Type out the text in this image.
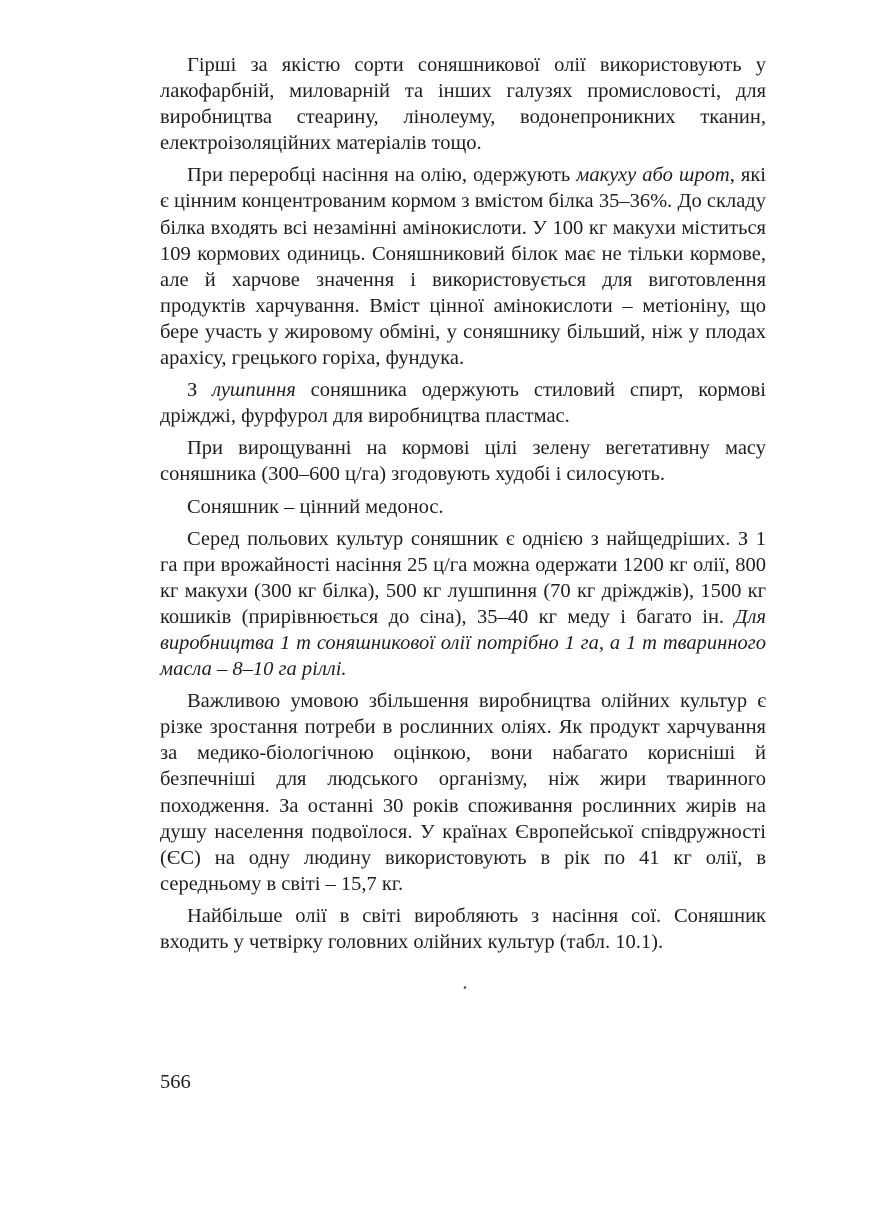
Гірші за якістю сорти соняшникової олії використовують у лакофарбній, миловарній та інших галузях промисловості, для виробництва стеарину, лінолеуму, водонепроникних тканин, електроізоляційних матеріалів тощо.

При переробці насіння на олію, одержують макуху або шрот, які є цінним концентрованим кормом з вмістом білка 35–36%. До складу білка входять всі незамінні амінокислоти. У 100 кг макухи міститься 109 кормових одиниць. Соняшниковий білок має не тільки кормове, але й харчове значення і використовується для виготовлення продуктів харчування. Вміст цінної амінокислоти – метіоніну, що бере участь у жировому обміні, у соняшнику більший, ніж у плодах арахісу, грецького горіха, фундука.

З лушпиння соняшника одержують стиловий спирт, кормові дріжджі, фурфурол для виробництва пластмас.

При вирощуванні на кормові цілі зелену вегетативну масу соняшника (300–600 ц/га) згодовують худобі і силосують.

Соняшник – цінний медонос.

Серед польових культур соняшник є однією з найщедріших. З 1 га при врожайності насіння 25 ц/га можна одержати 1200 кг олії, 800 кг макухи (300 кг білка), 500 кг лушпиння (70 кг дріжджів), 1500 кг кошиків (прирівнюється до сіна), 35–40 кг меду і багато ін. Для виробництва 1 т соняшникової олії потрібно 1 га, а 1 т тваринного масла – 8–10 га ріллі.

Важливою умовою збільшення виробництва олійних культур є різке зростання потреби в рослинних оліях. Як продукт харчування за медико-біологічною оцінкою, вони набагато корисніші й безпечніші для людського організму, ніж жири тваринного походження. За останні 30 років споживання рослинних жирів на душу населення подвоїлося. У країнах Європейської співдружності (ЄС) на одну людину використовують в рік по 41 кг олії, в середньому в світі – 15,7 кг.

Найбільше олії в світі виробляють з насіння сої. Соняшник входить у четвірку головних олійних культур (табл. 10.1).

566
